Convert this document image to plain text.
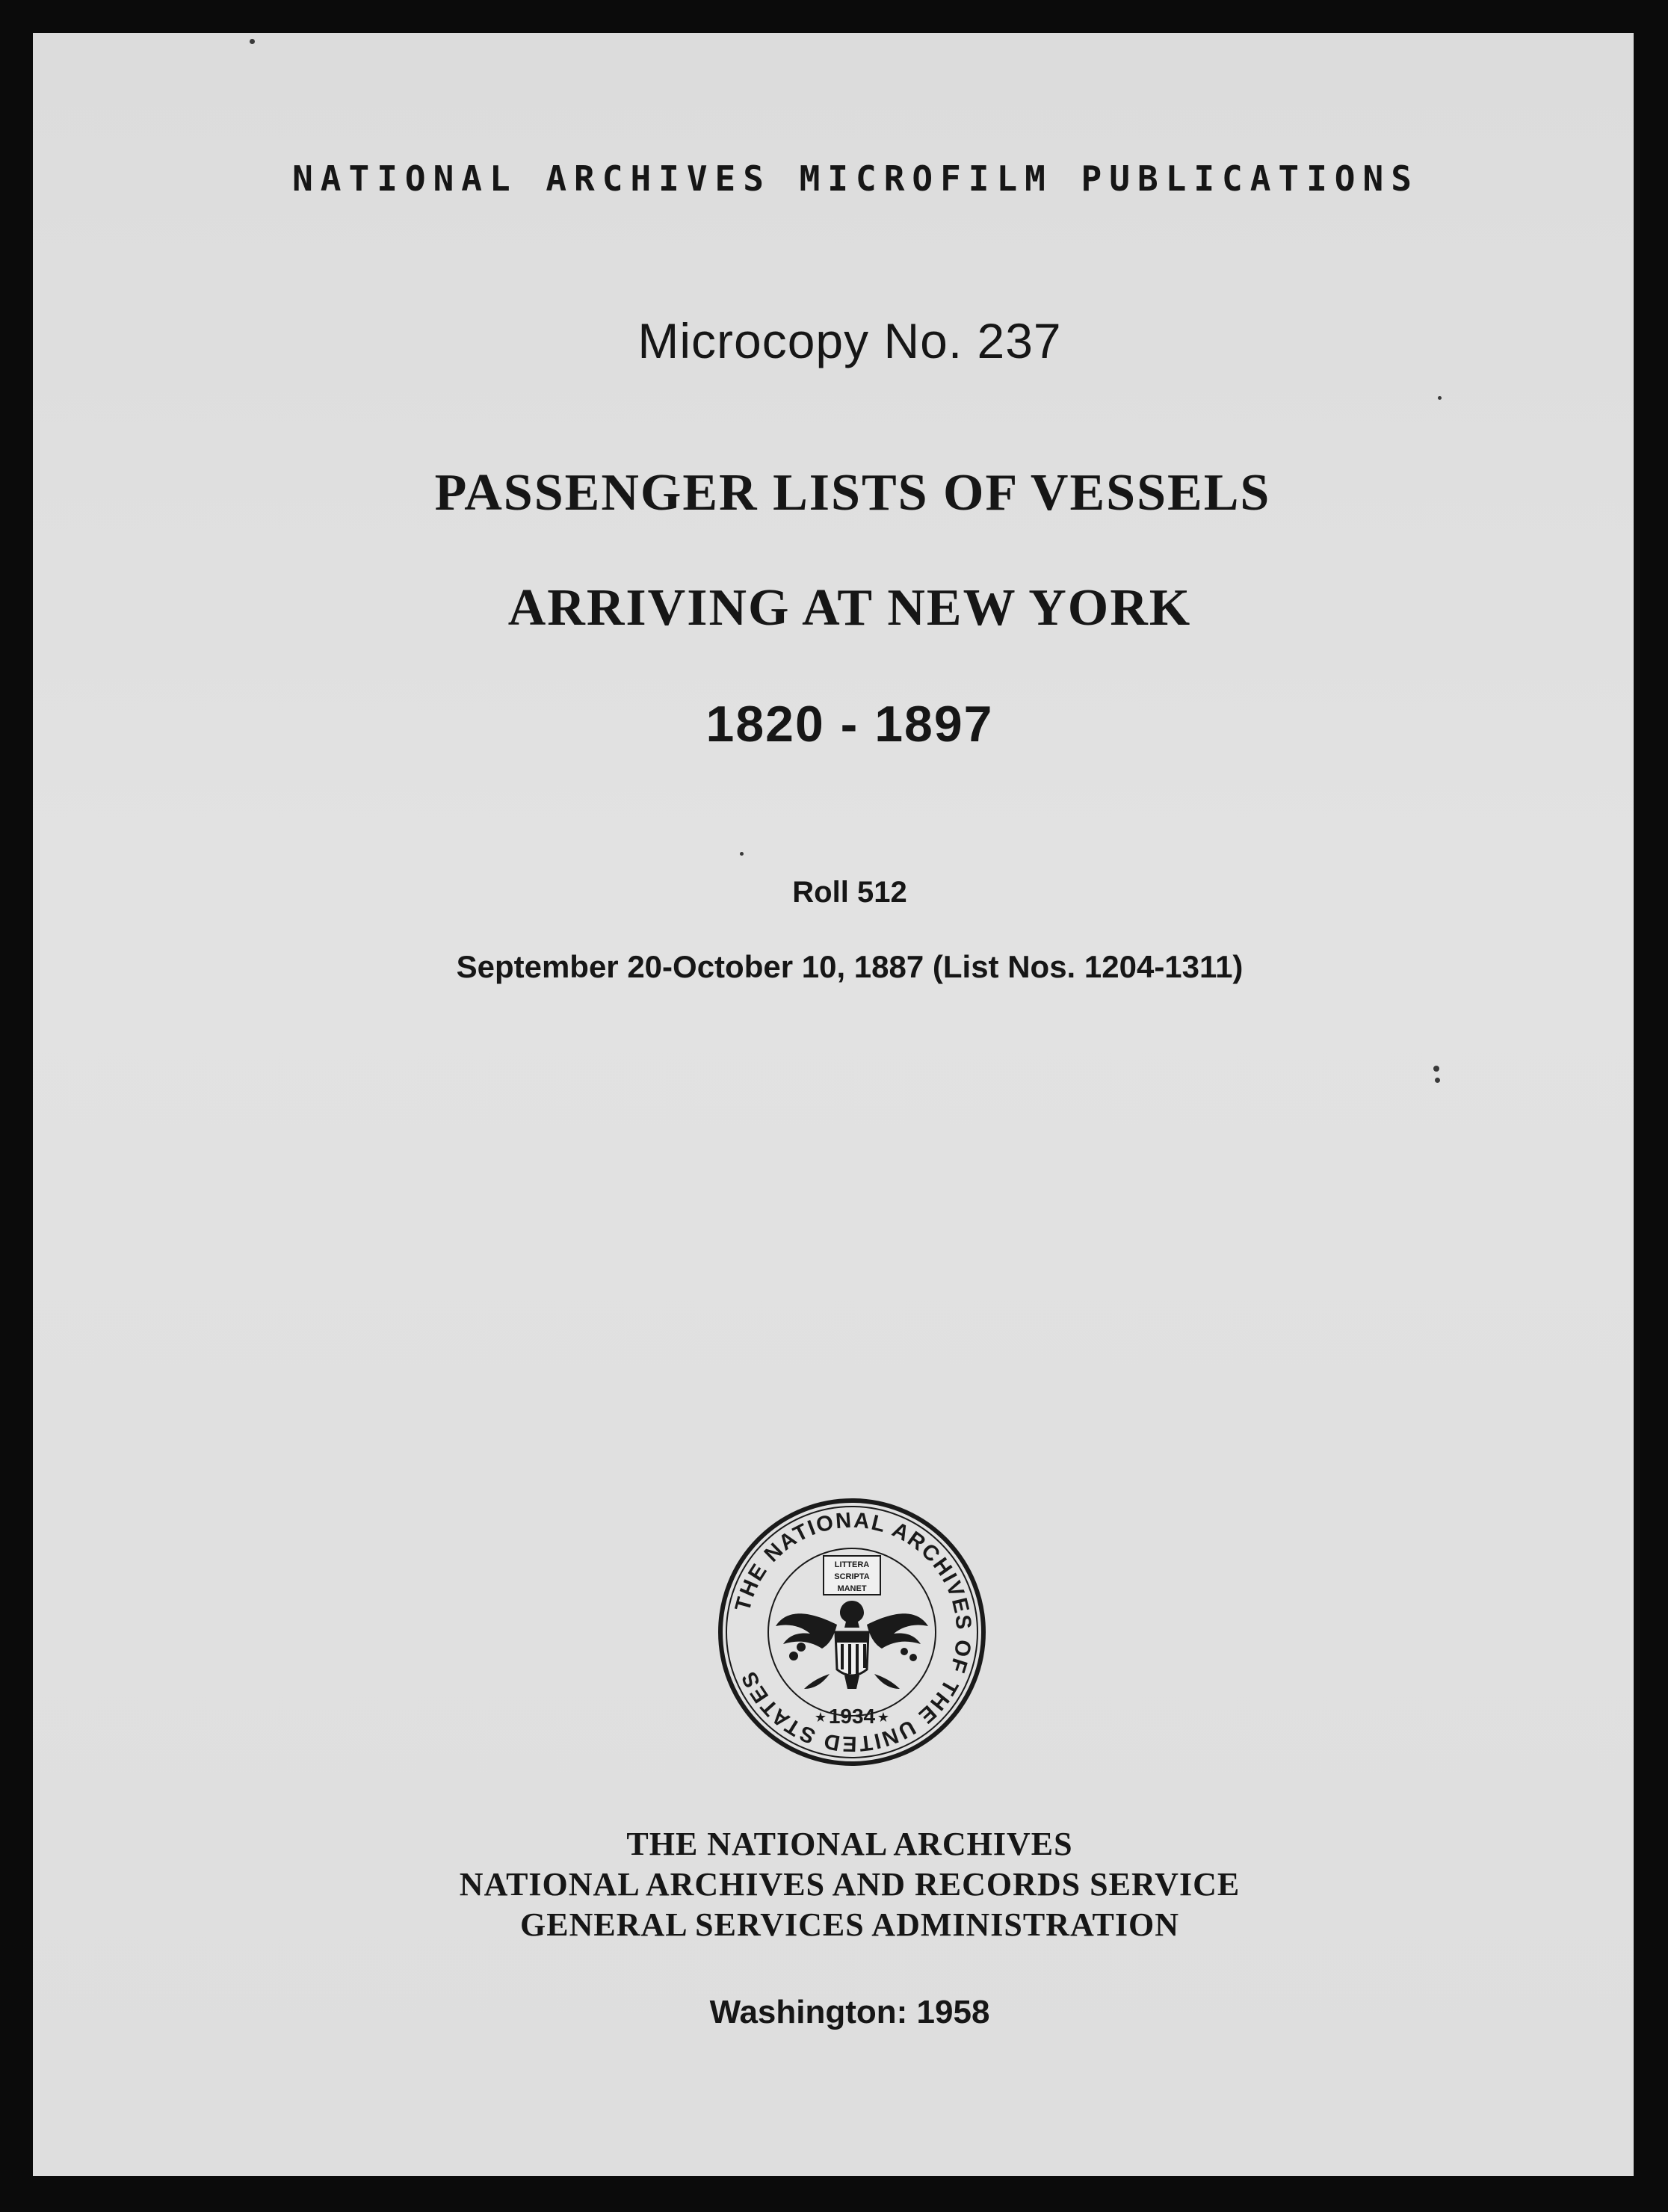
NATIONAL ARCHIVES MICROFILM PUBLICATIONS
Microcopy No. 237
PASSENGER LISTS OF VESSELS
ARRIVING AT NEW YORK
1820 - 1897
Roll 512
September 20-October 10, 1887 (List Nos. 1204-1311)
THE NATIONAL ARCHIVES OF THE UNITED STATES
LITTERA
SCRIPTA
MANET
1934
★	★
THE NATIONAL ARCHIVES
NATIONAL ARCHIVES AND RECORDS SERVICE
GENERAL SERVICES ADMINISTRATION
Washington: 1958
